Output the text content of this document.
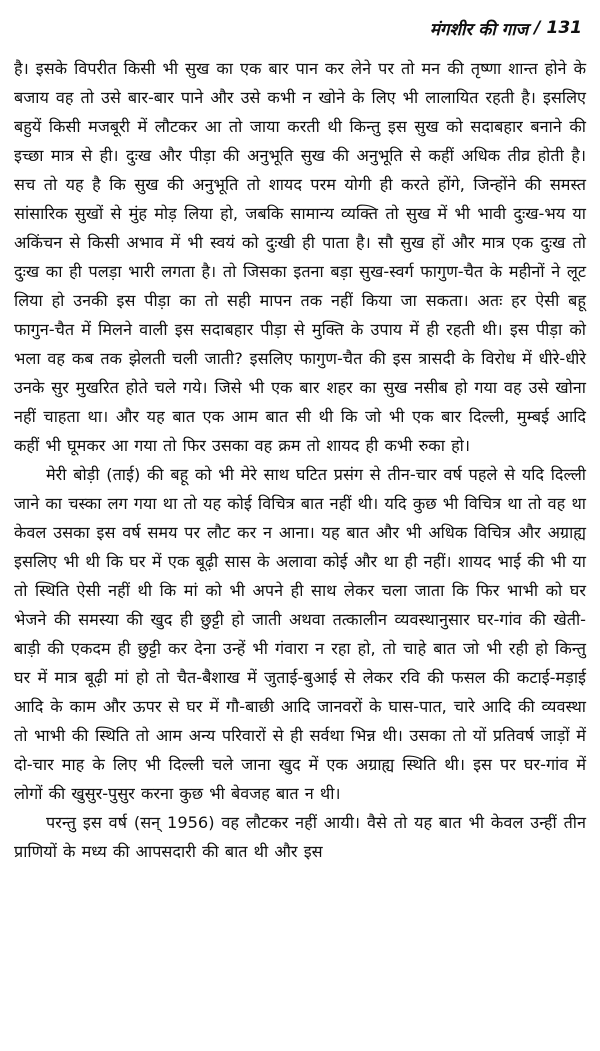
मंगशीर की गाज / 131

है। इसके विपरीत किसी भी सुख का एक बार पान कर लेने पर तो मन की तृष्णा शान्त होने के बजाय वह तो उसे बार-बार पाने और उसे कभी न खोने के लिए भी लालायित रहती है। इसलिए बहुयें किसी मजबूरी में लौटकर आ तो जाया करती थी किन्तु इस सुख को सदाबहार बनाने की इच्छा मात्र से ही। दुःख और पीड़ा की अनुभूति सुख की अनुभूति से कहीं अधिक तीव्र होती है। सच तो यह है कि सुख की अनुभूति तो शायद परम योगी ही करते होंगे, जिन्होंने की समस्त सांसारिक सुखों से मुंह मोड़ लिया हो, जबकि सामान्य व्यक्ति तो सुख में भी भावी दुःख-भय या अकिंचन से किसी अभाव में भी स्वयं को दुःखी ही पाता है। सौ सुख हों और मात्र एक दुःख तो दुःख का ही पलड़ा भारी लगता है। तो जिसका इतना बड़ा सुख-स्वर्ग फागुण-चैत के महीनों ने लूट लिया हो उनकी इस पीड़ा का तो सही मापन तक नहीं किया जा सकता। अतः हर ऐसी बहू फागुन-चैत में मिलने वाली इस सदाबहार पीड़ा से मुक्ति के उपाय में ही रहती थी। इस पीड़ा को भला वह कब तक झेलती चली जाती? इसलिए फागुण-चैत की इस त्रासदी के विरोध में धीरे-धीरे उनके सुर मुखरित होते चले गये। जिसे भी एक बार शहर का सुख नसीब हो गया वह उसे खोना नहीं चाहता था। और यह बात एक आम बात सी थी कि जो भी एक बार दिल्ली, मुम्बई आदि कहीं भी घूमकर आ गया तो फिर उसका वह क्रम तो शायद ही कभी रुका हो।

मेरी बोड़ी (ताई) की बहू को भी मेरे साथ घटित प्रसंग से तीन-चार वर्ष पहले से यदि दिल्ली जाने का चस्का लग गया था तो यह कोई विचित्र बात नहीं थी। यदि कुछ भी विचित्र था तो वह था केवल उसका इस वर्ष समय पर लौट कर न आना। यह बात और भी अधिक विचित्र और अग्राह्य इसलिए भी थी कि घर में एक बूढ़ी सास के अलावा कोई और था ही नहीं। शायद भाई की भी या तो स्थिति ऐसी नहीं थी कि मां को भी अपने ही साथ लेकर चला जाता कि फिर भाभी को घर भेजने की समस्या की खुद ही छुट्टी हो जाती अथवा तत्कालीन व्यवस्थानुसार घर-गांव की खेती-बाड़ी की एकदम ही छुट्टी कर देना उन्हें भी गंवारा न रहा हो, तो चाहे बात जो भी रही हो किन्तु घर में मात्र बूढ़ी मां हो तो चैत-बैशाख में जुताई-बुआई से लेकर रवि की फसल की कटाई-मड़ाई आदि के काम और ऊपर से घर में गौ-बाछी आदि जानवरों के घास-पात, चारे आदि की व्यवस्था तो भाभी की स्थिति तो आम अन्य परिवारों से ही सर्वथा भिन्न थी। उसका तो यों प्रतिवर्ष जाड़ों में दो-चार माह के लिए भी दिल्ली चले जाना खुद में एक अग्राह्य स्थिति थी। इस पर घर-गांव में लोगों की खुसुर-पुसुर करना कुछ भी बेवजह बात न थी।

परन्तु इस वर्ष (सन् 1956) वह लौटकर नहीं आयी। वैसे तो यह बात भी केवल उन्हीं तीन प्राणियों के मध्य की आपसदारी की बात थी और इस
